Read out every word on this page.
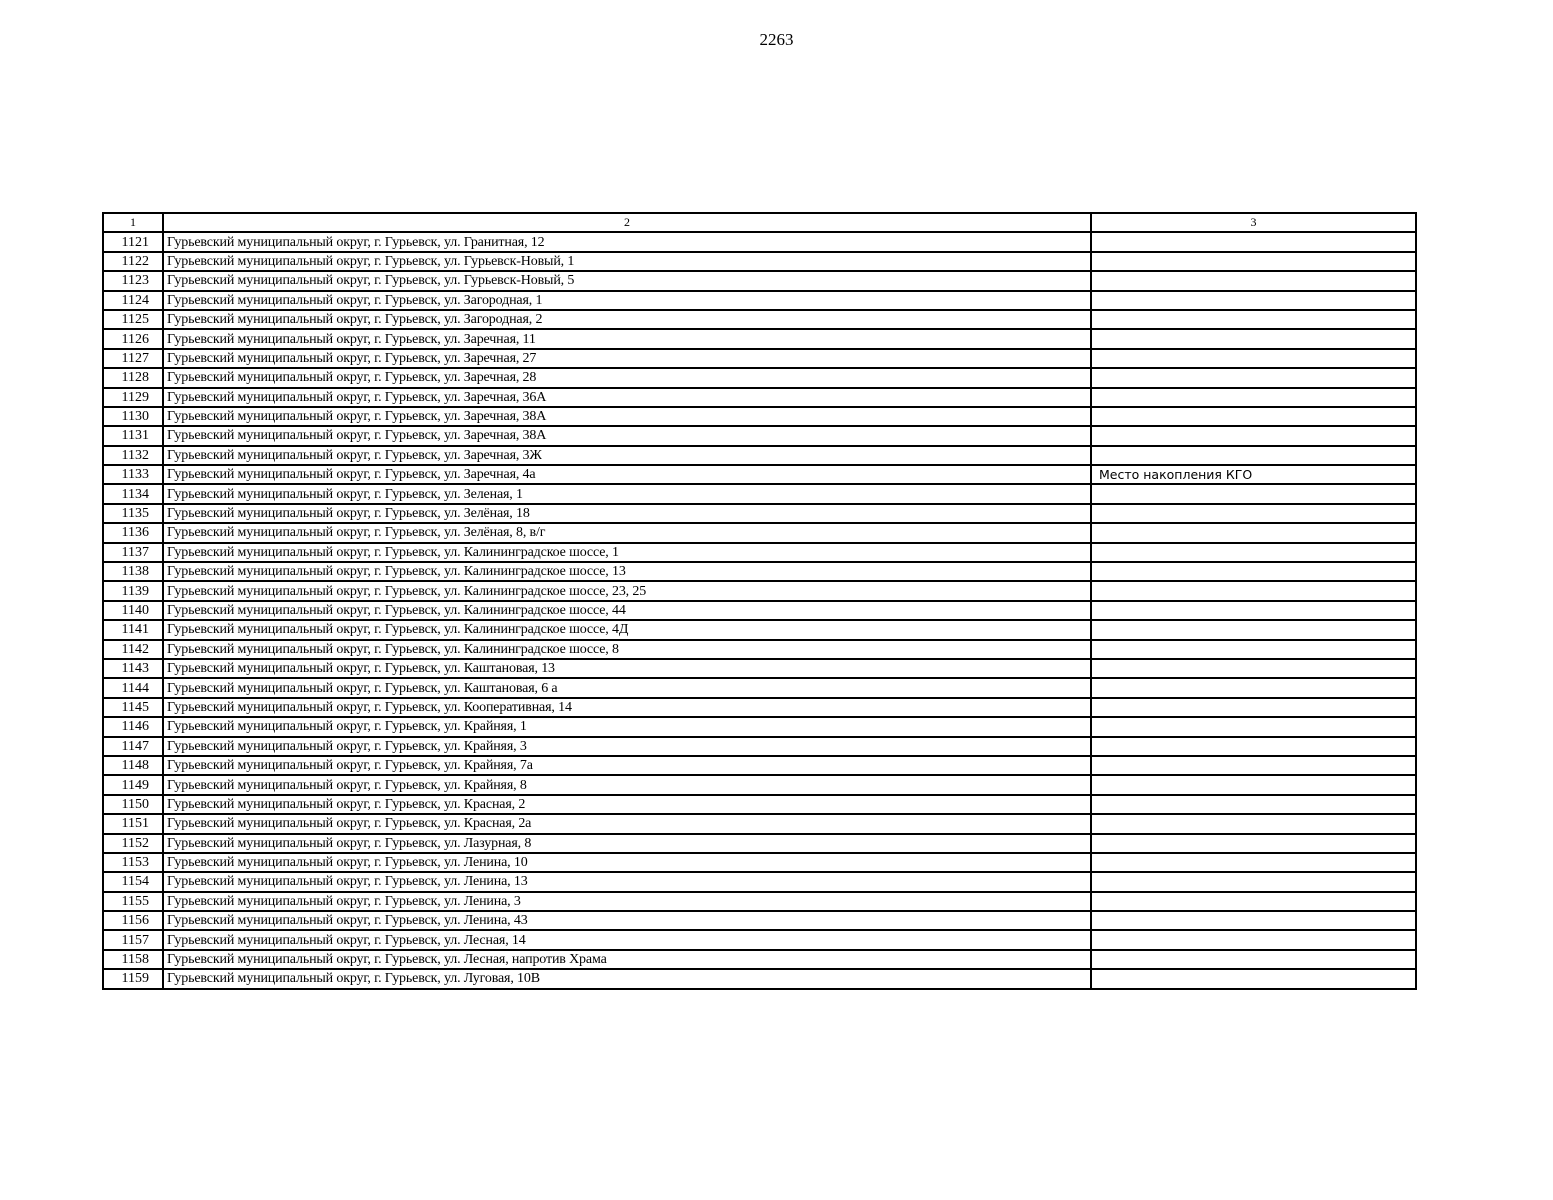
2263
1	2	3
1121	Гурьевский муниципальный округ, г. Гурьевск, ул. Гранитная, 12	
1122	Гурьевский муниципальный округ, г. Гурьевск, ул. Гурьевск-Новый, 1	
1123	Гурьевский муниципальный округ, г. Гурьевск, ул. Гурьевск-Новый, 5	
1124	Гурьевский муниципальный округ, г. Гурьевск, ул. Загородная, 1	
1125	Гурьевский муниципальный округ, г. Гурьевск, ул. Загородная, 2	
1126	Гурьевский муниципальный округ, г. Гурьевск, ул. Заречная, 11	
1127	Гурьевский муниципальный округ, г. Гурьевск, ул. Заречная, 27	
1128	Гурьевский муниципальный округ, г. Гурьевск, ул. Заречная, 28	
1129	Гурьевский муниципальный округ, г. Гурьевск, ул. Заречная, 36А	
1130	Гурьевский муниципальный округ, г. Гурьевск, ул. Заречная, 38А	
1131	Гурьевский муниципальный округ, г. Гурьевск, ул. Заречная, 38А	
1132	Гурьевский муниципальный округ, г. Гурьевск, ул. Заречная, 3Ж	
1133	Гурьевский муниципальный округ, г. Гурьевск, ул. Заречная, 4а	Место накопления КГО
1134	Гурьевский муниципальный округ, г. Гурьевск, ул. Зеленая, 1	
1135	Гурьевский муниципальный округ, г. Гурьевск, ул. Зелёная, 18	
1136	Гурьевский муниципальный округ, г. Гурьевск, ул. Зелёная, 8, в/г	
1137	Гурьевский муниципальный округ, г. Гурьевск, ул. Калининградское шоссе, 1	
1138	Гурьевский муниципальный округ, г. Гурьевск, ул. Калининградское шоссе, 13	
1139	Гурьевский муниципальный округ, г. Гурьевск, ул. Калининградское шоссе, 23, 25	
1140	Гурьевский муниципальный округ, г. Гурьевск, ул. Калининградское шоссе, 44	
1141	Гурьевский муниципальный округ, г. Гурьевск, ул. Калининградское шоссе, 4Д	
1142	Гурьевский муниципальный округ, г. Гурьевск, ул. Калининградское шоссе, 8	
1143	Гурьевский муниципальный округ, г. Гурьевск, ул. Каштановая, 13	
1144	Гурьевский муниципальный округ, г. Гурьевск, ул. Каштановая, 6 а	
1145	Гурьевский муниципальный округ, г. Гурьевск, ул. Кооперативная, 14	
1146	Гурьевский муниципальный округ, г. Гурьевск, ул. Крайняя, 1	
1147	Гурьевский муниципальный округ, г. Гурьевск, ул. Крайняя, 3	
1148	Гурьевский муниципальный округ, г. Гурьевск, ул. Крайняя, 7а	
1149	Гурьевский муниципальный округ, г. Гурьевск, ул. Крайняя, 8	
1150	Гурьевский муниципальный округ, г. Гурьевск, ул. Красная, 2	
1151	Гурьевский муниципальный округ, г. Гурьевск, ул. Красная, 2а	
1152	Гурьевский муниципальный округ, г. Гурьевск, ул. Лазурная, 8	
1153	Гурьевский муниципальный округ, г. Гурьевск, ул. Ленина, 10	
1154	Гурьевский муниципальный округ, г. Гурьевск, ул. Ленина, 13	
1155	Гурьевский муниципальный округ, г. Гурьевск, ул. Ленина, 3	
1156	Гурьевский муниципальный округ, г. Гурьевск, ул. Ленина, 43	
1157	Гурьевский муниципальный округ, г. Гурьевск, ул. Лесная, 14	
1158	Гурьевский муниципальный округ, г. Гурьевск, ул. Лесная, напротив Храма	
1159	Гурьевский муниципальный округ, г. Гурьевск, ул. Луговая, 10В	
